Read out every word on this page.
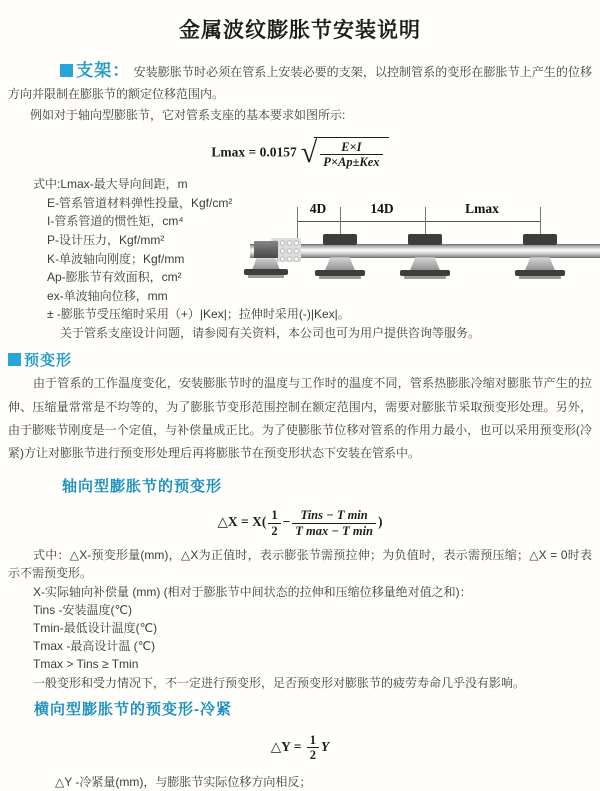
金属波纹膨胀节安装说明

支架： 安装膨胀节时必须在管系上安装必要的支架，以控制管系的变形在膨胀节上产生的位移方向并限制在膨胀节的额定位移范围内。

例如对于轴向型膨胀节，它对管系支座的基本要求如图所示:

Lmax = 0.0157 √ $\frac{E\times I}{\text{P×Ap±Kex}}$
式中:Lmax-最大导向间距，m
E-管系管道材料弹性投量，Kgf/cm²
I-管系管道的惯性矩，cm⁴
P-设计压力，Kgf/mm²
K-单波轴向刚度；Kgf/mm
Ap-膨胀节有效面积，cm²
ex-单波轴向位移，mm
± -膨胀节受压缩时采用（+）|Kex|；拉伸时采用(-)|Kex|。
关于管系支座设计问题，请参阅有关资料，本公司也可为用户提供咨询等服务。
4D	14D	Lmax
预变形

由于管系的工作温度变化，安装膨胀节时的温度与工作时的温度不同，管系热膨胀冷缩对膨胀节产生的拉伸、压缩量常常是不均等的，为了膨胀节变形范围控制在额定范围内，需要对膨胀节采取预变形处理。另外，由于膨账节刚度是一个定值，与补偿量成正比。为了使膨胀节位移对管系的作用力最小，也可以采用预变形(冷紧)方让对膨胀节进行预变形处理后再将膨胀节在预变形状态下安装在管系中。

轴向型膨胀节的预变形
△X = $X( \frac{1}{2} - \frac{\text{Tins − T min}}{\text{T max − T min}}$ )

式中：△X-预变形量(mm)，△X为正值时，表示膨张节需预拉伸；为负值时，表示需预压缩；△X = 0时表示不需预变形。

X-实际轴向补偿量 (mm) (相对于膨胀节中间状态的拉伸和压缩位移量绝对值之和)：
Tins -安装温度(℃)
Tmin-最低设计温度(℃)
Tmax -最高设计温 (℃)
Tmax > Tins ≥ Tmin
一般变形和受力情况下，不一定进行预变形，足否预变形对膨胀节的疲劳寿命几乎没有影响。
横向型膨胀节的预变形-冷紧
△Y = $\frac{1}{2}$ Y
△Y -冷紧量(mm)，与膨胀节实际位移方向相反；
